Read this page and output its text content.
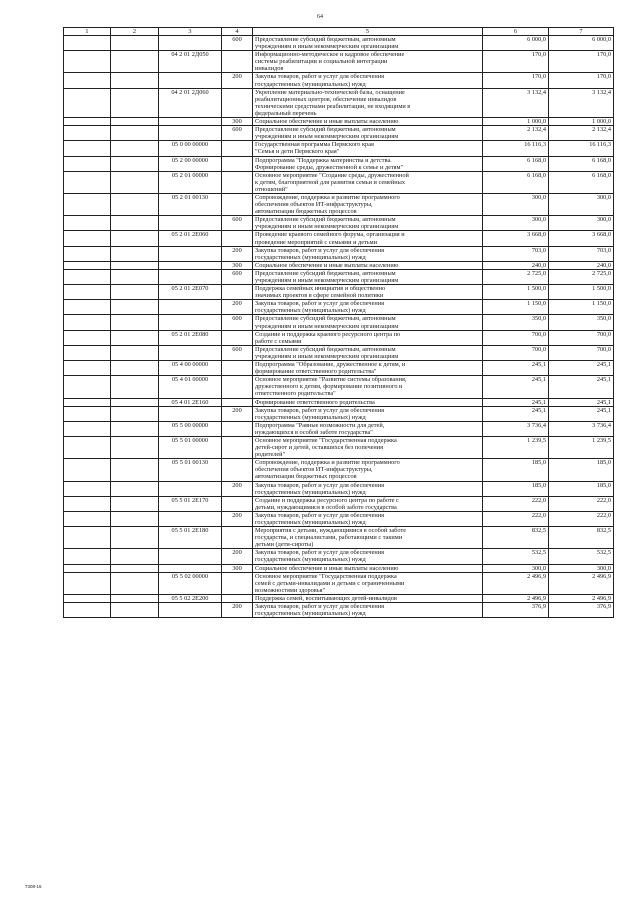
64
1	2	3	4	5	6	7
			600	Предоставление субсидий бюджетным, автономным
учреждениям и иным некоммерческим организациям	6 000,0	6 000,0
		04 2 01 2Д050		Информационно-методическое и кадровое обеспечение
системы реабилитации и социальной интеграции
инвалидов	170,0	170,0
			200	Закупка товаров, работ и услуг для обеспечения
государственных (муниципальных) нужд	170,0	170,0
		04 2 01 2Д060		Укрепление материально-технической базы, оснащение
реабилитационных центров, обеспечение инвалидов
техническими средствами реабилитации, не входящими в
федеральный перечень	3 132,4	3 132,4
			300	Социальное обеспечение и иные выплаты населению	1 000,0	1 000,0
			600	Предоставление субсидий бюджетным, автономным
учреждениям и иным некоммерческим организациям	2 132,4	2 132,4
		05 0 00 00000		Государственная программа Пермского края
"Семья и дети Пермского края"	16 116,3	16 116,3
		05 2 00 00000		Подпрограмма "Поддержка материнства и детства.
Формирование среды, дружественной к семье и детям"	6 168,0	6 168,0
		05 2 01 00000		Основное мероприятие "Создание среды, дружественной
к детям, благоприятной для развития семьи и семейных
отношений"	6 168,0	6 168,0
		05 2 01 00130		Сопровождение, поддержка и развитие программного
обеспечения объектов ИТ-инфраструктуры,
автоматизации бюджетных процессов	300,0	300,0
			600	Предоставление субсидий бюджетным, автономным
учреждениям и иным некоммерческим организациям	300,0	300,0
		05 2 01 2Е060		Проведение краевого семейного форума, организация и
проведение мероприятий с семьями и детьми	3 668,0	3 668,0
			200	Закупка товаров, работ и услуг для обеспечения
государственных (муниципальных) нужд	703,0	703,0
			300	Социальное обеспечение и иные выплаты населению	240,0	240,0
			600	Предоставление субсидий бюджетным, автономным
учреждениям и иным некоммерческим организациям	2 725,0	2 725,0
		05 2 01 2Е070		Поддержка семейных инициатив и общественно
значимых проектов в сфере семейной политики	1 500,0	1 500,0
			200	Закупка товаров, работ и услуг для обеспечения
государственных (муниципальных) нужд	1 150,0	1 150,0
			600	Предоставление субсидий бюджетным, автономным
учреждениям и иным некоммерческим организациям	350,0	350,0
		05 2 01 2Е080		Создание и поддержка краевого ресурсного центра по
работе с семьями	700,0	700,0
			600	Предоставление субсидий бюджетным, автономным
учреждениям и иным некоммерческим организациям	700,0	700,0
		05 4 00 00000		Подпрограмма "Образование, дружественное к детям, и
формирование ответственного родительства"	245,1	245,1
		05 4 01 00000		Основное мероприятие "Развитие системы образования,
дружественного к детям, формирование позитивного и
ответственного родительства"	245,1	245,1
		05 4 01 2Е160		Формирование ответственного родительства	245,1	245,1
			200	Закупка товаров, работ и услуг для обеспечения
государственных (муниципальных) нужд	245,1	245,1
		05 5 00 00000		Подпрограмма "Равные возможности для детей,
нуждающихся в особой заботе государства"	3 736,4	3 736,4
		05 5 01 00000		Основное мероприятие "Государственная поддержка
детей-сирот и детей, оставшихся без попечения
родителей"	1 239,5	1 239,5
		05 5 01 00130		Сопровождение, поддержка и развитие программного
обеспечения объектов ИТ-инфраструктуры,
автоматизации бюджетных процессов	185,0	185,0
			200	Закупка товаров, работ и услуг для обеспечения
государственных (муниципальных) нужд	185,0	185,0
		05 5 01 2Е170		Создание и поддержка ресурсного центра по работе с
детьми, нуждающимися в особой заботе государства	222,0	222,0
			200	Закупка товаров, работ и услуг для обеспечения
государственных (муниципальных) нужд	222,0	222,0
		05 5 01 2Е180		Мероприятия с детьми, нуждающимися в особой заботе
государства, и специалистами, работающими с такими
детьми (дети-сироты)	832,5	832,5
			200	Закупка товаров, работ и услуг для обеспечения
государственных (муниципальных) нужд	532,5	532,5
			300	Социальное обеспечение и иные выплаты населению	300,0	300,0
		05 5 02 00000		Основное мероприятие "Государственная поддержка
семей с детьми-инвалидами и детьми с ограниченными
возможностями здоровья"	2 496,9	2 496,9
		05 5 02 2Е200		Поддержка семей, воспитывающих детей-инвалидов	2 496,9	2 496,9
			200	Закупка товаров, работ и услуг для обеспечения
государственных (муниципальных) нужд	376,9	376,9
7308-16
